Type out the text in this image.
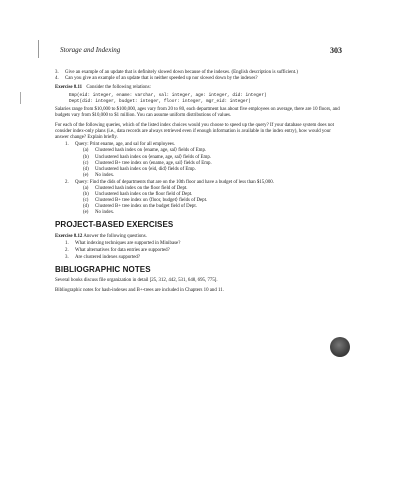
Storage and Indexing	303
3.	Give an example of an update that is definitely slowed down because of the indexes. (English description is sufficient.)
4.	Can you give an example of an update that is neither speeded up nor slowed down by the indexes?

Exercise 8.11 Consider the following relations:

Emp(eid: integer, ename: varchar, sal: integer, age: integer, did: integer)
Dept(did: integer, budget: integer, floor: integer, mgr_eid: integer)

Salaries range from $10,000 to $100,000, ages vary from 20 to 80, each department has about five employees on average, there are 10 floors, and budgets vary from $10,000 to $1 million. You can assume uniform distributions of values.

For each of the following queries, which of the listed index choices would you choose to speed up the query? If your database system does not consider index-only plans (i.e., data records are always retrieved even if enough information is available in the index entry), how would your answer change? Explain briefly.

1.	Query: Print ename, age, and sal for all employees.
(a)	Clustered hash index on ⟨ename, age, sal⟩ fields of Emp.
(b)	Unclustered hash index on ⟨ename, age, sal⟩ fields of Emp.
(c)	Clustered B+ tree index on ⟨ename, age, sal⟩ fields of Emp.
(d)	Unclustered hash index on ⟨eid, did⟩ fields of Emp.
(e)	No index.
2.	Query: Find the dids of departments that are on the 10th floor and have a budget of less than $15,000.
(a)	Clustered hash index on the floor field of Dept.
(b)	Unclustered hash index on the floor field of Dept.
(c)	Clustered B+ tree index on ⟨floor, budget⟩ fields of Dept.
(d)	Clustered B+ tree index on the budget field of Dept.
(e)	No index.
PROJECT-BASED EXERCISES

Exercise 8.12 Answer the following questions.

1.	What indexing techniques are supported in Minibase?
2.	What alternatives for data entries are supported?
3.	Are clustered indexes supported?
BIBLIOGRAPHIC NOTES

Several books discuss file organization in detail [25, 312, 442, 531, 648, 695, 775].

Bibliographic notes for hash-indexes and B+-trees are included in Chapters 10 and 11.
